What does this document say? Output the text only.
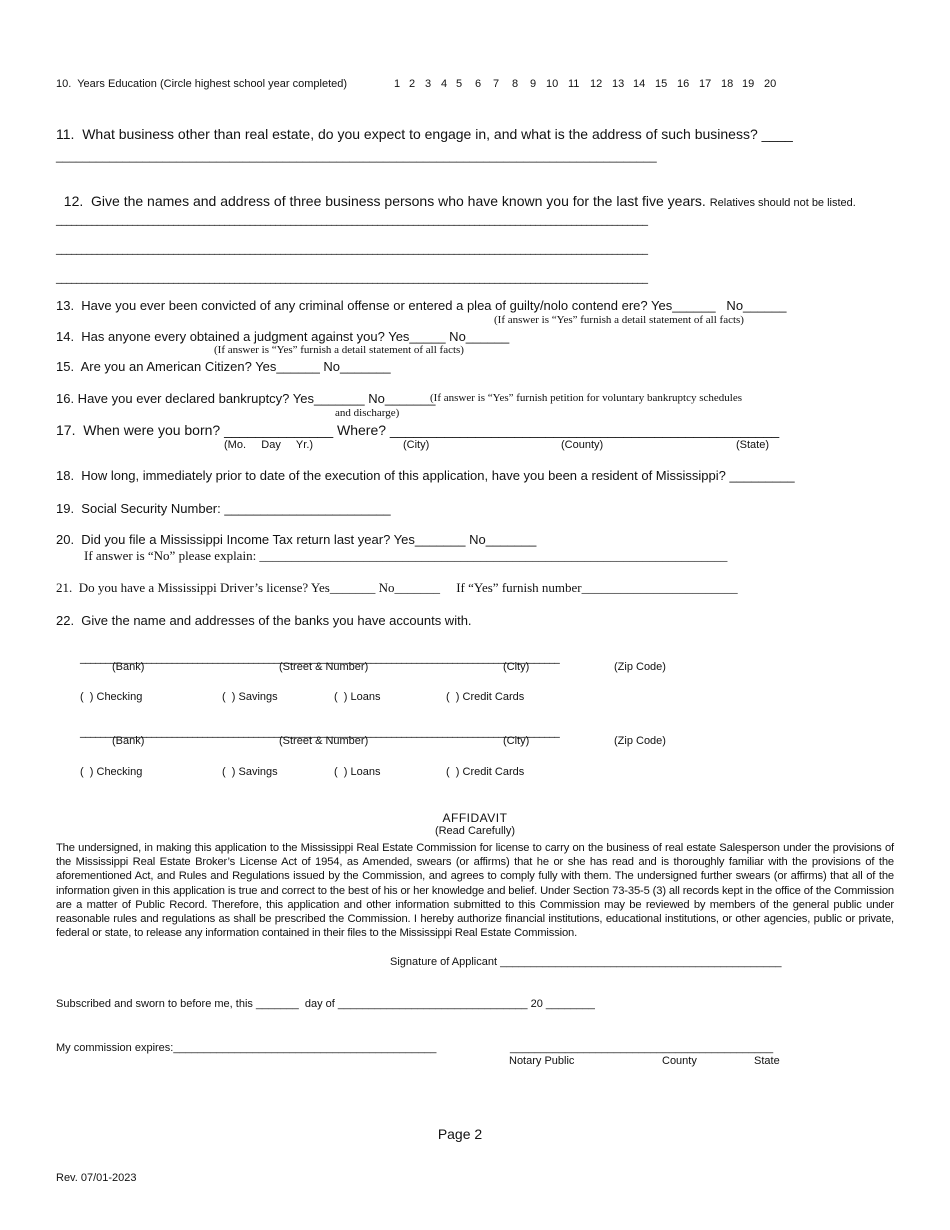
10.  Years Education (Circle highest school year completed)	1 2 3 4 5 6 7 8 9 10 11 12 13 14 15 16 17 18 19 20
11.  What business other than real estate, do you expect to engage in, and what is the address of such business? ____
__________________________________________________________________________________________

12.  Give the names and address of three business persons who have known you for the last five years. Relatives should not be listed.

____________________________________________________________________________________________________________________
____________________________________________________________________________________________________________________
____________________________________________________________________________________________________________________
13.  Have you ever been convicted of any criminal offense or entered a plea of guilty/nolo contend ere? Yes______   No______
(If answer is “Yes” furnish a detail statement of all facts)
14.  Has anyone every obtained a judgment against you? Yes_____ No______
(If answer is “Yes” furnish a detail statement of all facts)
15.  Are you an American Citizen? Yes______ No_______
16. Have you ever declared bankruptcy? Yes_______ No_______
(If answer is “Yes” furnish petition for voluntary bankruptcy schedules
and discharge)
17.  When were you born? ______________ Where? __________________________________________________
(Mo.     Day     Yr.)	(City)	(County)	(State)
18.  How long, immediately prior to date of the execution of this application, have you been a resident of Mississippi? _________
19.  Social Security Number: _______________________
20.  Did you file a Mississippi Income Tax return last year? Yes_______ No_______
If answer is “No” please explain: ________________________________________________________________________
21.  Do you have a Mississippi Driver’s license? Yes_______ No_______     If “Yes” furnish number________________________
22.  Give the name and addresses of the banks you have accounts with.
______________________________________________________________________________________________
(Bank)	(Street & Number)	(City)	(Zip Code)
(  ) Checking	(  ) Savings	(  ) Loans	(  ) Credit Cards
______________________________________________________________________________________________
(Bank)	(Street & Number)	(City)	(Zip Code)
(  ) Checking	(  ) Savings	(  ) Loans	(  ) Credit Cards
AFFIDAVIT
(Read Carefully)

The undersigned, in making this application to the Mississippi Real Estate Commission for license to carry on the business of real estate Salesperson under the provisions of the Mississippi Real Estate Broker’s License Act of 1954, as Amended, swears (or affirms) that he or she has read and is thoroughly familiar with the provisions of the aforementioned Act, and Rules and Regulations issued by the Commission, and agrees to comply fully with them. The undersigned further swears (or affirms) that all of the information given in this application is true and correct to the best of his or her knowledge and belief. Under Section 73-35-5 (3) all records kept in the office of the Commission are a matter of Public Record. Therefore, this application and other information submitted to this Commission may be reviewed by members of the general public under reasonable rules and regulations as shall be prescribed the Commission. I hereby authorize financial institutions, educational institutions, or other agencies, public or private, federal or state, to release any information contained in their files to the Mississippi Real Estate Commission.

Signature of Applicant ______________________________________________
Subscribed and sworn to before me, this _______  day of _______________________________ 20 ________
My commission expires:___________________________________________	___________________________________________
Notary Public	County	State
Page 2
Rev. 07/01-2023
